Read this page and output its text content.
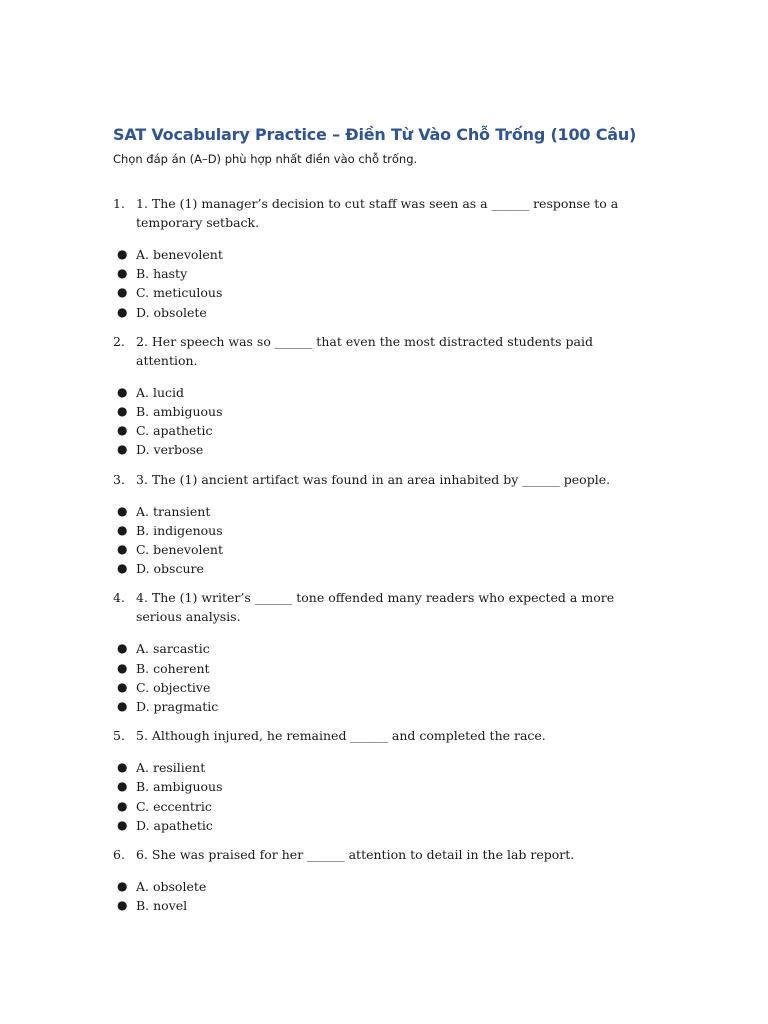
SAT Vocabulary Practice – Điền Từ Vào Chỗ Trống (100 Câu)

Chọn đáp án (A–D) phù hợp nhất điền vào chỗ trống.

1. 1. The (1) manager’s decision to cut staff was seen as a ______ response to a temporary setback.
● A. benevolent
● B. hasty
● C. meticulous
● D. obsolete
2. 2. Her speech was so ______ that even the most distracted students paid attention.
● A. lucid
● B. ambiguous
● C. apathetic
● D. verbose
3. 3. The (1) ancient artifact was found in an area inhabited by ______ people.
● A. transient
● B. indigenous
● C. benevolent
● D. obscure
4. 4. The (1) writer’s ______ tone offended many readers who expected a more serious analysis.
● A. sarcastic
● B. coherent
● C. objective
● D. pragmatic
5. 5. Although injured, he remained ______ and completed the race.
● A. resilient
● B. ambiguous
● C. eccentric
● D. apathetic
6. 6. She was praised for her ______ attention to detail in the lab report.
● A. obsolete
● B. novel
